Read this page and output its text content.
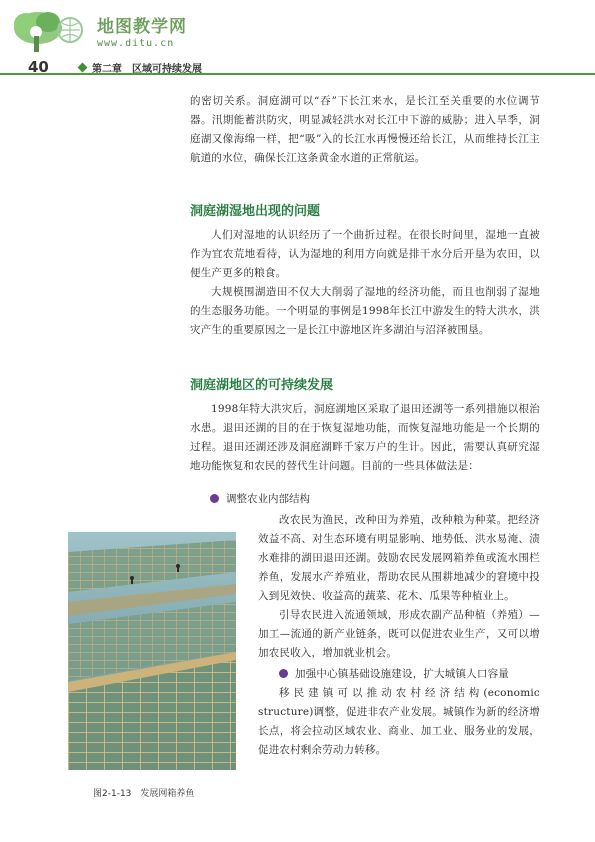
地图教学网
www.ditu.cn
40	第二章　区域可持续发展

的密切关系。洞庭湖可以“吞”下长江来水，是长江至关重要的水位调节器。汛期能蓄洪防灾，明显减轻洪水对长江中下游的威胁；进入旱季，洞庭湖又像海绵一样，把“吸”入的长江水再慢慢还给长江，从而维持长江主航道的水位，确保长江这条黄金水道的正常航运。

洞庭湖湿地出现的问题

人们对湿地的认识经历了一个曲折过程。在很长时间里，湿地一直被作为宜农荒地看待，认为湿地的利用方向就是排干水分后开垦为农田，以便生产更多的粮食。

大规模围湖造田不仅大大削弱了湿地的经济功能，而且也削弱了湿地的生态服务功能。一个明显的事例是1998年长江中游发生的特大洪水，洪灾产生的重要原因之一是长江中游地区许多湖泊与沼泽被围垦。

洞庭湖地区的可持续发展

1998年特大洪灾后，洞庭湖地区采取了退田还湖等一系列措施以根治水患。退田还湖的目的在于恢复湿地功能，而恢复湿地功能是一个长期的过程。退田还湖还涉及洞庭湖畔千家万户的生计。因此，需要认真研究湿地功能恢复和农民的替代生计问题。目前的一些具体做法是：

调整农业内部结构

改农民为渔民，改种田为养殖，改种粮为种菜。把经济效益不高、对生态环境有明显影响、地势低、洪水易淹、渍水难排的湖田退田还湖。鼓励农民发展网箱养鱼或流水围栏养鱼，发展水产养殖业，帮助农民从围耕地减少的窘境中投入到见效快、收益高的蔬菜、花木、瓜果等种植业上。

引导农民进入流通领域，形成农副产品种植（养殖）—加工—流通的新产业链条，既可以促进农业生产，又可以增加农民收入，增加就业机会。

加强中心镇基础设施建设，扩大城镇人口容量

移民建镇可以推动农村经济结构(economic structure)调整，促进非农产业发展。城镇作为新的经济增长点，将会拉动区域农业、商业、加工业、服务业的发展，促进农村剩余劳动力转移。

图2-1-13　发展网箱养鱼
